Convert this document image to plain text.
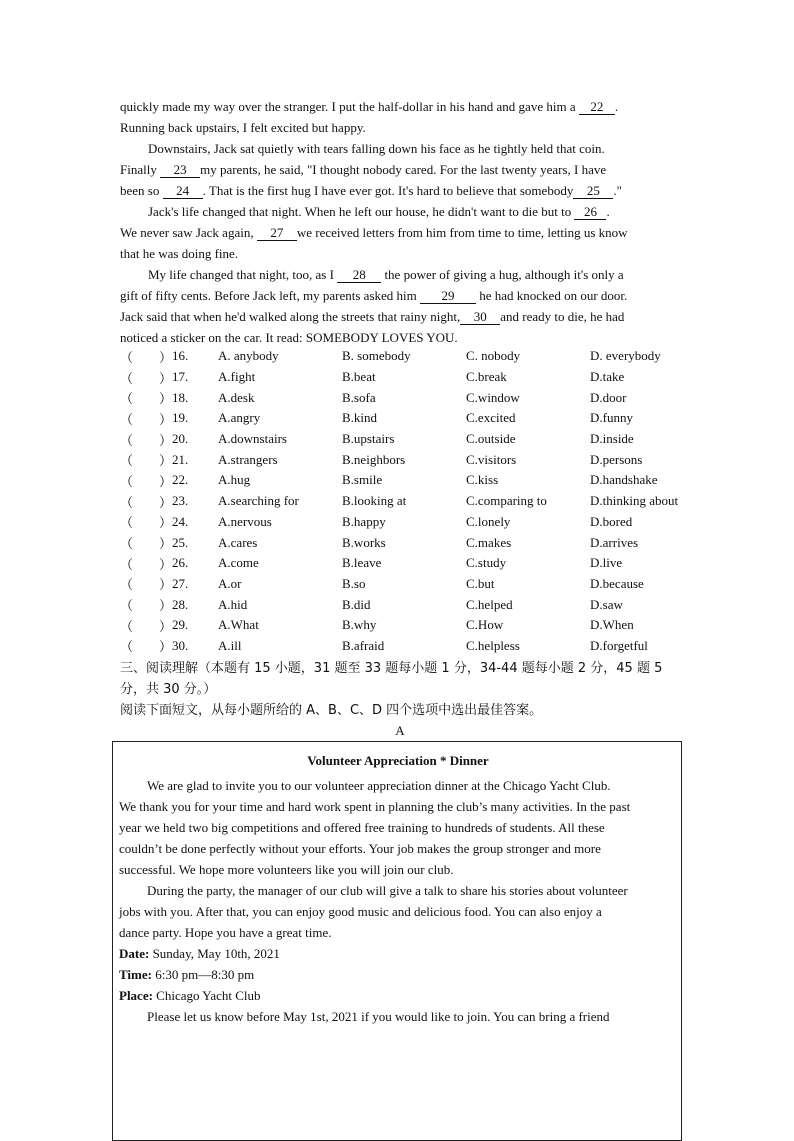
quickly made my way over the stranger. I put the half-dollar in his hand and gave him a 22 .
Running back upstairs, I felt excited but happy.
Downstairs, Jack sat quietly with tears falling down his face as he tightly held that coin.
Finally 23 my parents, he said, "I thought nobody cared. For the last twenty years, I have
been so 24 . That is the first hug I have ever got. It's hard to believe that somebody 25 ."
Jack's life changed that night. When he left our house, he didn't want to die but to 26 .
We never saw Jack again, 27 we received letters from him from time to time, letting us know
that he was doing fine.
My life changed that night, too, as I 28 the power of giving a hug, although it's only a
gift of fifty cents. Before Jack left, my parents asked him 29 he had knocked on our door.
Jack said that when he'd walked along the streets that rainy night, 30 and ready to die, he had
noticed a sticker on the car. It read: SOMEBODY LOVES YOU.
（　　）	16.	A. anybody	B. somebody	C. nobody	D. everybody
（　　）	17.	A.fight	B.beat	C.break	D.take
（　　）	18.	A.desk	B.sofa	C.window	D.door
（　　）	19.	A.angry	B.kind	C.excited	D.funny
（　　）	20.	A.downstairs	B.upstairs	C.outside	D.inside
（　　）	21.	A.strangers	B.neighbors	C.visitors	D.persons
（　　）	22.	A.hug	B.smile	C.kiss	D.handshake
（　　）	23.	A.searching for	B.looking at	C.comparing to	D.thinking about
（　　）	24.	A.nervous	B.happy	C.lonely	D.bored
（　　）	25.	A.cares	B.works	C.makes	D.arrives
（　　）	26.	A.come	B.leave	C.study	D.live
（　　）	27.	A.or	B.so	C.but	D.because
（　　）	28.	A.hid	B.did	C.helped	D.saw
（　　）	29.	A.What	B.why	C.How	D.When
（　　）	30.	A.ill	B.afraid	C.helpless	D.forgetful
三、阅读理解（本题有 15 小题，31 题至 33 题每小题 1 分，34-44 题每小题 2 分，45 题 5
分，共 30 分。）
阅读下面短文，从每小题所给的 A、B、C、D 四个选项中选出最佳答案。
A
Volunteer Appreciation * Dinner
We are glad to invite you to our volunteer appreciation dinner at the Chicago Yacht Club.
We thank you for your time and hard work spent in planning the club’s many activities. In the past
year we held two big competitions and offered free training to hundreds of students. All these
couldn’t be done perfectly without your efforts. Your job makes the group stronger and more
successful. We hope more volunteers like you will join our club.
During the party, the manager of our club will give a talk to share his stories about volunteer
jobs with you. After that, you can enjoy good music and delicious food. You can also enjoy a
dance party. Hope you have a great time.
Date: Sunday, May 10th, 2021
Time: 6:30 pm—8:30 pm
Place: Chicago Yacht Club
Please let us know before May 1st, 2021 if you would like to join. You can bring a friend
